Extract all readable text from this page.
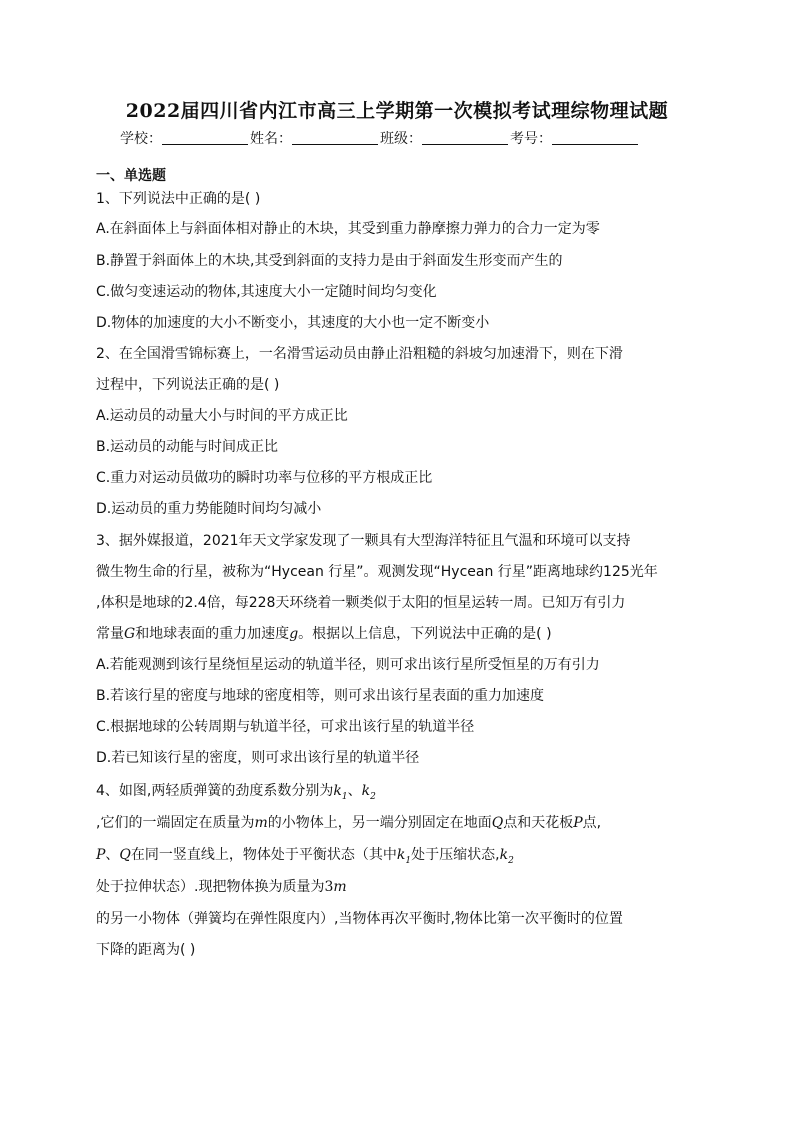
2022届四川省内江市高三上学期第一次模拟考试理综物理试题
学校：	姓名：	班级：	考号：
一、单选题
1、下列说法中正确的是( )
A.在斜面体上与斜面体相对静止的木块，其受到重力静摩擦力弹力的合力一定为零
B.静置于斜面体上的木块,其受到斜面的支持力是由于斜面发生形变而产生的
C.做匀变速运动的物体,其速度大小一定随时间均匀变化
D.物体的加速度的大小不断变小，其速度的大小也一定不断变小
2、在全国滑雪锦标赛上，一名滑雪运动员由静止沿粗糙的斜坡匀加速滑下，则在下滑
过程中，下列说法正确的是( )
A.运动员的动量大小与时间的平方成正比
B.运动员的动能与时间成正比
C.重力对运动员做功的瞬时功率与位移的平方根成正比
D.运动员的重力势能随时间均匀减小
3、据外媒报道，2021年天文学家发现了一颗具有大型海洋特征且气温和环境可以支持
微生物生命的行星，被称为“Hycean 行星”。观测发现“Hycean 行星”距离地球约125光年
,体积是地球的2.4倍，每228天环绕着一颗类似于太阳的恒星运转一周。已知万有引力
常量G和地球表面的重力加速度g。根据以上信息，下列说法中正确的是( )
A.若能观测到该行星绕恒星运动的轨道半径，则可求出该行星所受恒星的万有引力
B.若该行星的密度与地球的密度相等，则可求出该行星表面的重力加速度
C.根据地球的公转周期与轨道半径，可求出该行星的轨道半径
D.若已知该行星的密度，则可求出该行星的轨道半径
4、如图,两轻质弹簧的劲度系数分别为$k_1$、$k_2$
,它们的一端固定在质量为m的小物体上，另一端分别固定在地面Q点和天花板P点,
P、Q在同一竖直线上，物体处于平衡状态（其中$k_1$处于压缩状态$,k_2$
处于拉伸状态）.现把物体换为质量为3m
的另一小物体（弹簧均在弹性限度内）,当物体再次平衡时,物体比第一次平衡时的位置
下降的距离为( )
